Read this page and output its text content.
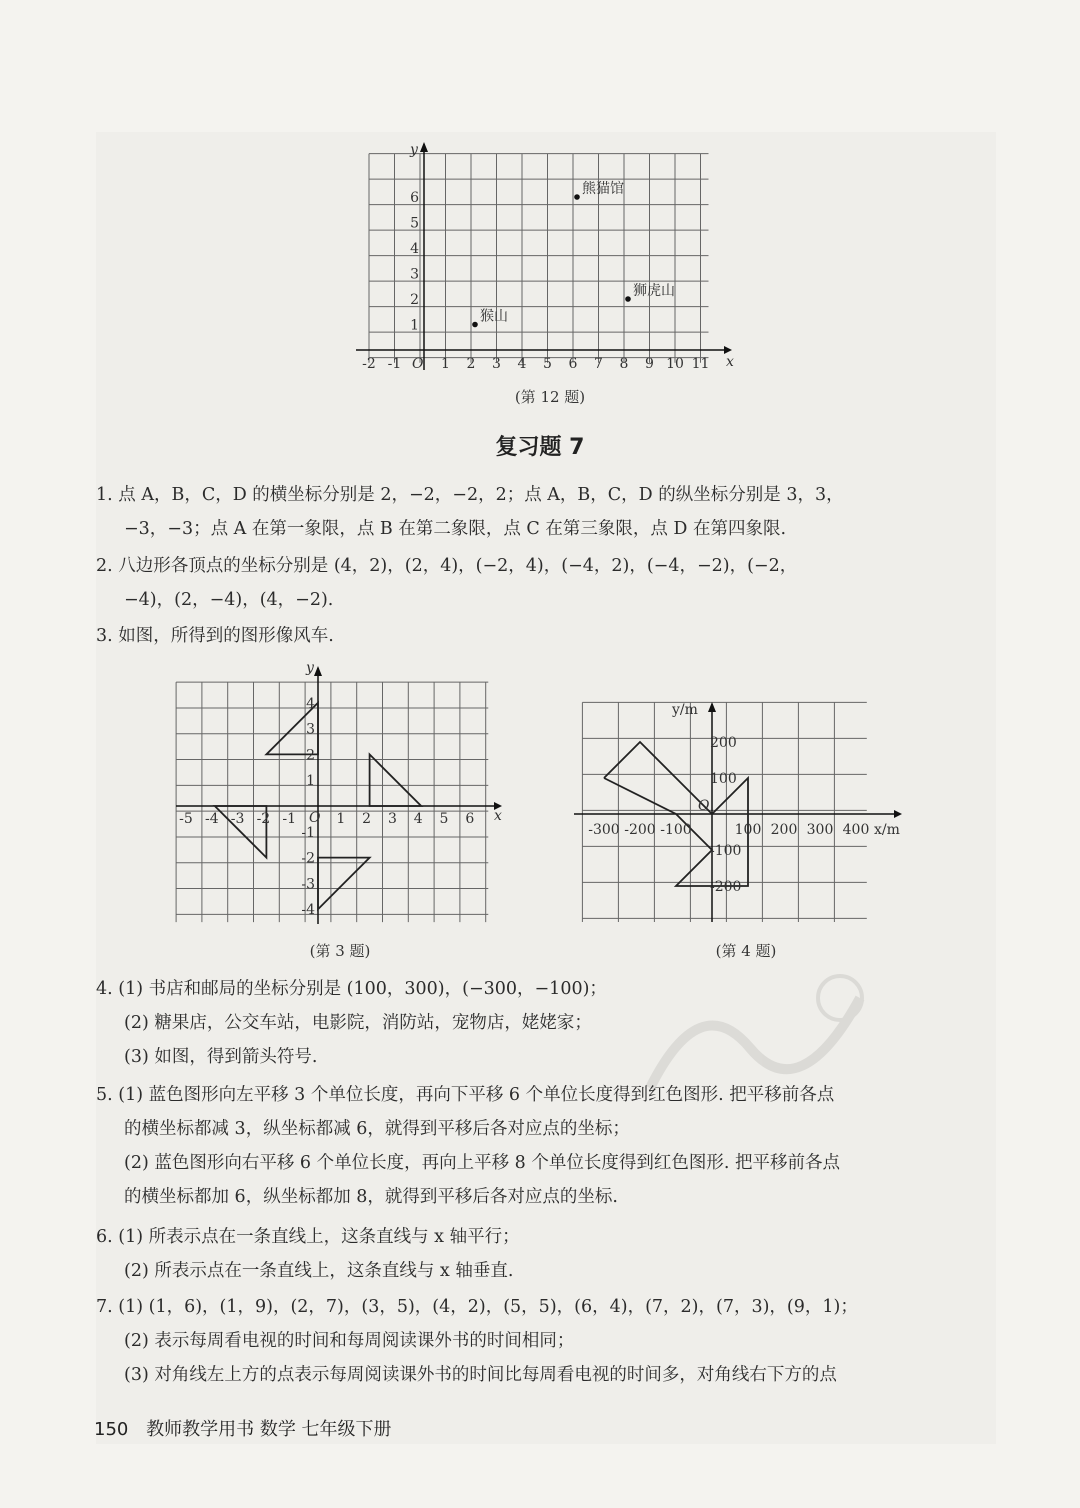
-2 -1	1 2 3 4 5 6 7 8 9 10 11
1
2
3
4
5
6
O	x
y
猴山
熊猫馆
狮虎山
(第 12 题)
复习题 7
1. 点 A，B，C，D 的横坐标分别是 2，−2，−2，2；点 A，B，C，D 的纵坐标分别是 3，3，
−3，−3；点 A 在第一象限，点 B 在第二象限，点 C 在第三象限，点 D 在第四象限.
2. 八边形各顶点的坐标分别是 (4，2)，(2，4)，(−2，4)，(−4，2)，(−4，−2)，(−2，
−4)，(2，−4)，(4，−2).
3. 如图，所得到的图形像风车.
-5 -4 -3 -2 -1	1 2 3 4 5 6
4
3
2
1
-1
-2
-3
-4
O	x
y
(第 3 题)
-300 -200 -100	100 200 300 400
200
100
-100
-200
O
x/m
y/m
(第 4 题)
4. (1) 书店和邮局的坐标分别是 (100，300)，(−300，−100)；
(2) 糖果店，公交车站，电影院，消防站，宠物店，姥姥家；
(3) 如图，得到箭头符号.
5. (1) 蓝色图形向左平移 3 个单位长度，再向下平移 6 个单位长度得到红色图形. 把平移前各点
的横坐标都减 3，纵坐标都减 6，就得到平移后各对应点的坐标；
(2) 蓝色图形向右平移 6 个单位长度，再向上平移 8 个单位长度得到红色图形. 把平移前各点
的横坐标都加 6，纵坐标都加 8，就得到平移后各对应点的坐标.
6. (1) 所表示点在一条直线上，这条直线与 x 轴平行；
(2) 所表示点在一条直线上，这条直线与 x 轴垂直.
7. (1) (1，6)，(1，9)，(2，7)，(3，5)，(4，2)，(5，5)，(6，4)，(7，2)，(7，3)，(9，1)；
(2) 表示每周看电视的时间和每周阅读课外书的时间相同；
(3) 对角线左上方的点表示每周阅读课外书的时间比每周看电视的时间多，对角线右下方的点
150 教师教学用书 数学 七年级下册
